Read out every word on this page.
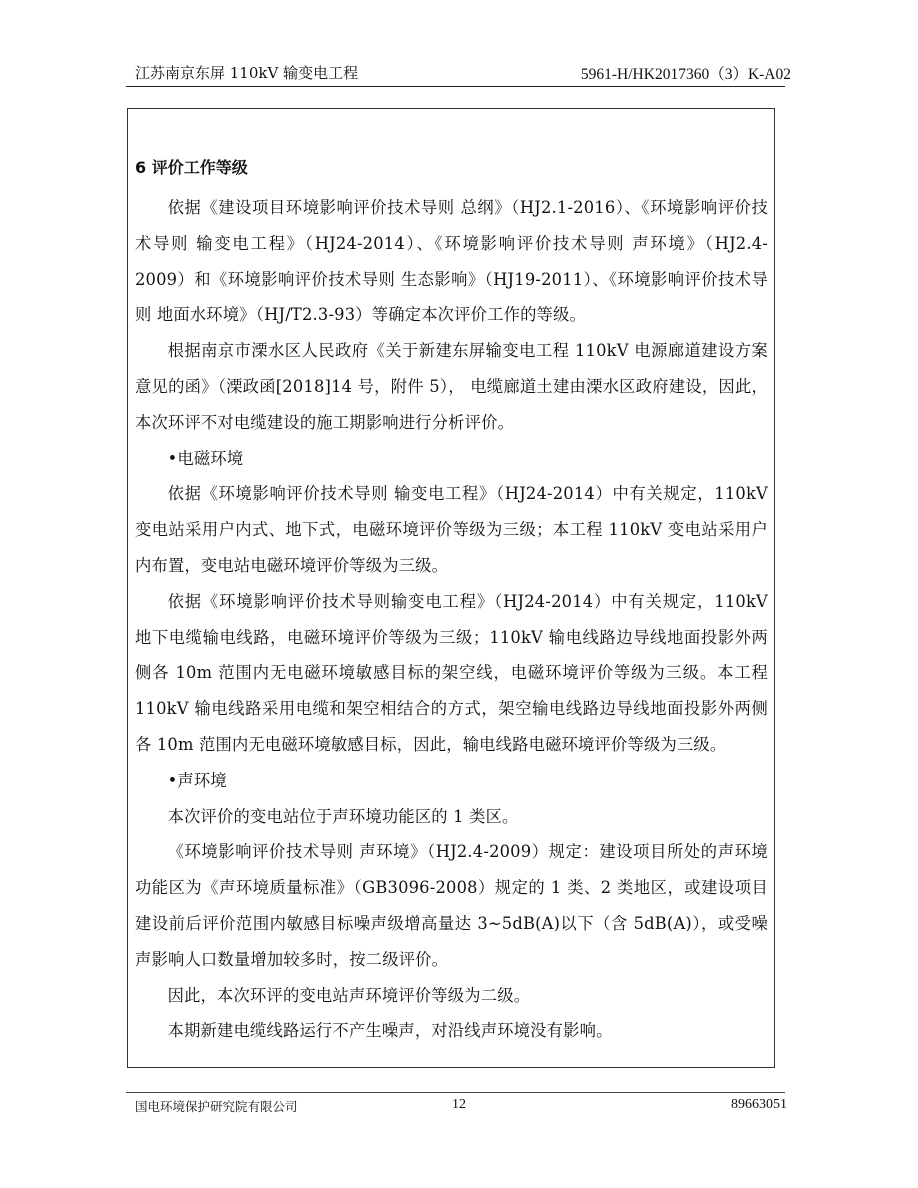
江苏南京东屏 110kV 输变电工程	5961-H/HK2017360（3）K-A02
6 评价工作等级

依据《建设项目环境影响评价技术导则 总纲》（HJ2.1-2016）、《环境影响评价技术导则 输变电工程》（HJ24-2014）、《环境影响评价技术导则 声环境》（HJ2.4-2009）和《环境影响评价技术导则 生态影响》（HJ19-2011）、《环境影响评价技术导则 地面水环境》（HJ/T2.3-93）等确定本次评价工作的等级。

根据南京市溧水区人民政府《关于新建东屏输变电工程 110kV 电源廊道建设方案意见的函》（溧政函[2018]14 号，附件 5）， 电缆廊道土建由溧水区政府建设，因此，本次环评不对电缆建设的施工期影响进行分析评价。

•电磁环境

依据《环境影响评价技术导则 输变电工程》（HJ24-2014）中有关规定，110kV 变电站采用户内式、地下式，电磁环境评价等级为三级；本工程 110kV 变电站采用户内布置，变电站电磁环境评价等级为三级。

依据《环境影响评价技术导则输变电工程》（HJ24-2014）中有关规定，110kV 地下电缆输电线路，电磁环境评价等级为三级；110kV 输电线路边导线地面投影外两侧各 10m 范围内无电磁环境敏感目标的架空线，电磁环境评价等级为三级。本工程 110kV 输电线路采用电缆和架空相结合的方式，架空输电线路边导线地面投影外两侧各 10m 范围内无电磁环境敏感目标，因此，输电线路电磁环境评价等级为三级。

•声环境

本次评价的变电站位于声环境功能区的 1 类区。

《环境影响评价技术导则 声环境》（HJ2.4-2009）规定：建设项目所处的声环境功能区为《声环境质量标准》（GB3096-2008）规定的 1 类、2 类地区，或建设项目建设前后评价范围内敏感目标噪声级增高量达 3~5dB(A)以下（含 5dB(A)），或受噪声影响人口数量增加较多时，按二级评价。

因此，本次环评的变电站声环境评价等级为二级。

本期新建电缆线路运行不产生噪声，对沿线声环境没有影响。

国电环境保护研究院有限公司	12	89663051
